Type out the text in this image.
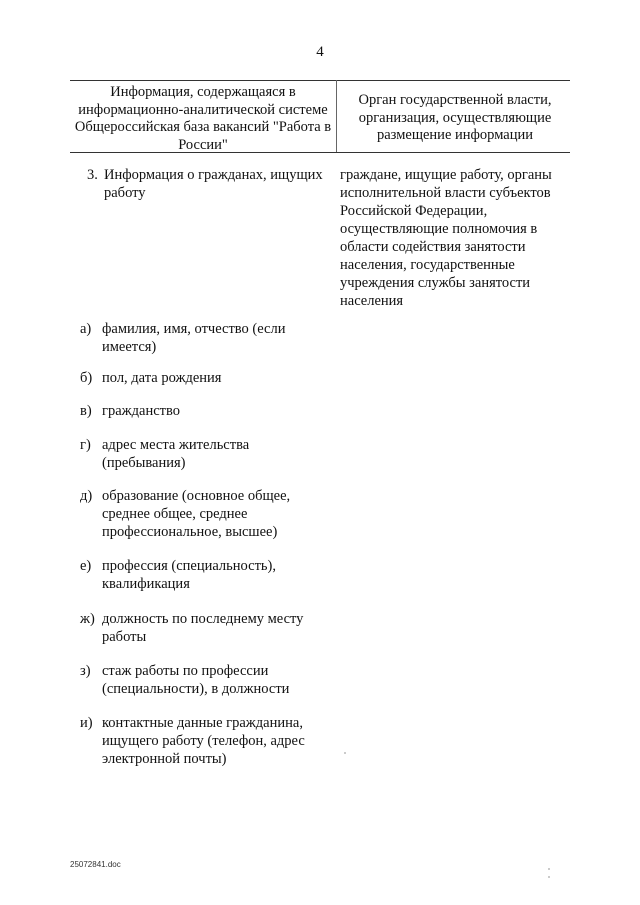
4
Информация, содержащаяся в информационно-аналитической системе Общероссийская база вакансий "Работа в России"
Орган государственной власти, организация, осуществляющие размещение информации
3. Информация о гражданах, ищущих работу
граждане, ищущие работу, органы исполнительной власти субъектов Российской Федерации, осуществляющие полномочия в области содействия занятости населения, государственные учреждения службы занятости населения
а) фамилия, имя, отчество (если имеется)
б) пол, дата рождения
в) гражданство
г) адрес места жительства (пребывания)
д) образование (основное общее, среднее общее, среднее профессиональное, высшее)
е) профессия (специальность), квалификация
ж) должность по последнему месту работы
з) стаж работы по профессии (специальности), в должности
и) контактные данные гражданина, ищущего работу (телефон, адрес электронной почты)
25072841.doc
